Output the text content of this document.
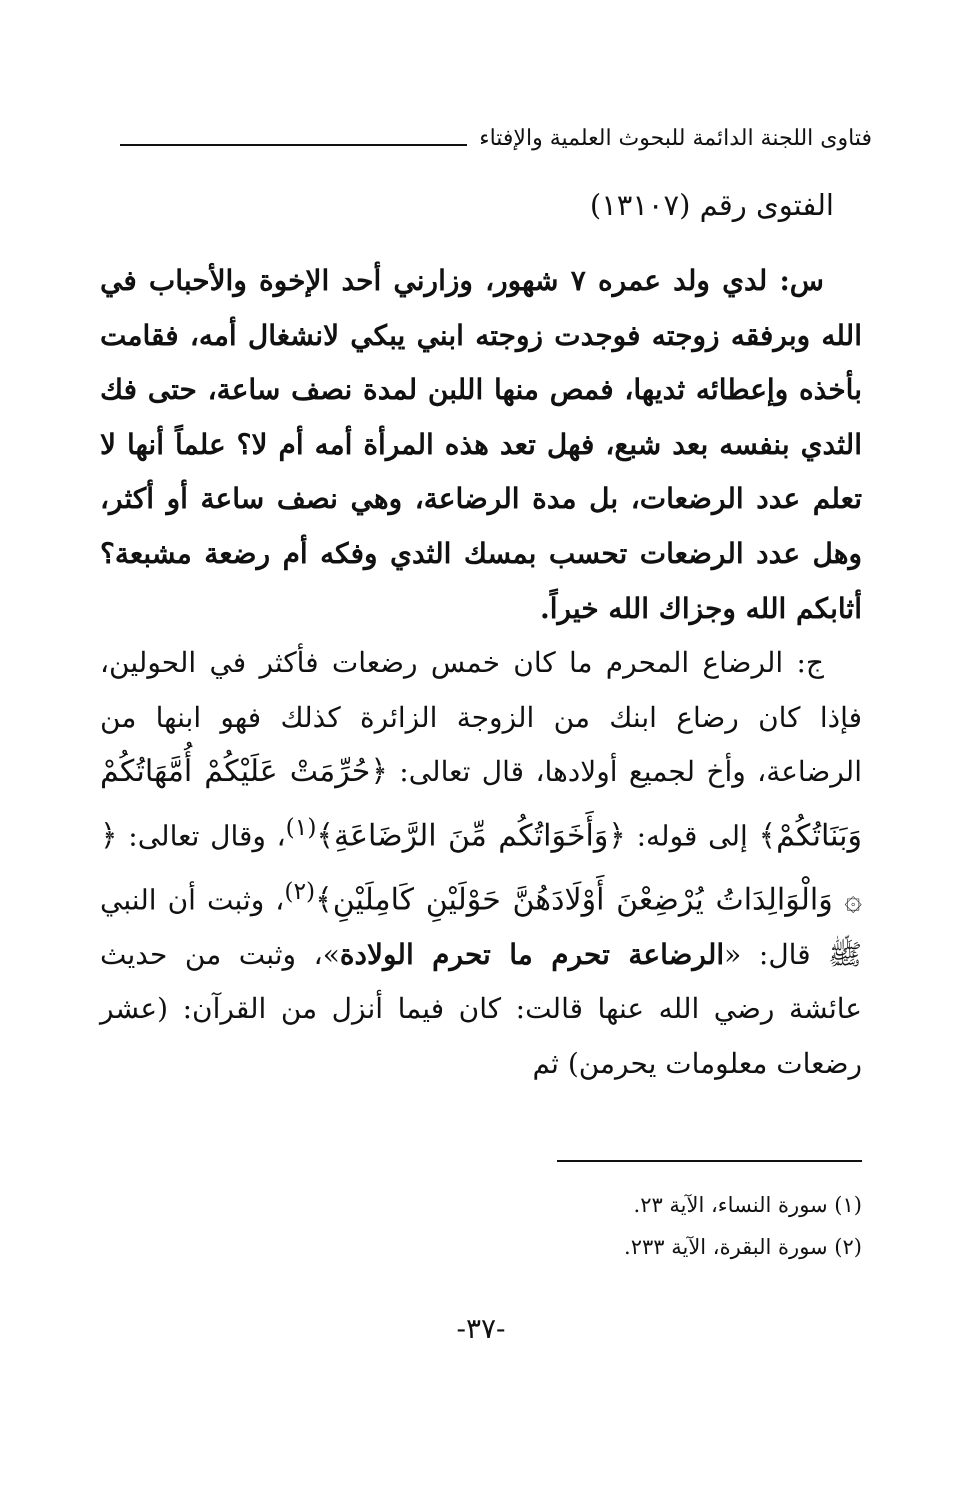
فتاوى اللجنة الدائمة للبحوث العلمية والإفتاء
الفتوى رقم (١٣١٠٧)

س: لدي ولد عمره ٧ شهور، وزارني أحد الإخوة والأحباب في الله وبرفقه زوجته فوجدت زوجته ابني يبكي لانشغال أمه، فقامت بأخذه وإعطائه ثديها، فمص منها اللبن لمدة نصف ساعة، حتى فك الثدي بنفسه بعد شبع، فهل تعد هذه المرأة أمه أم لا؟ علماً أنها لا تعلم عدد الرضعات، بل مدة الرضاعة، وهي نصف ساعة أو أكثر، وهل عدد الرضعات تحسب بمسك الثدي وفكه أم رضعة مشبعة؟ أثابكم الله وجزاك الله خيراً.

ج: الرضاع المحرم ما كان خمس رضعات فأكثر في الحولين، فإذا كان رضاع ابنك من الزوجة الزائرة كذلك فهو ابنها من الرضاعة، وأخ لجميع أولادها، قال تعالى: ﴿حُرِّمَتْ عَلَيْكُمْ أُمَّهَاتُكُمْ وَبَنَاتُكُمْ﴾ إلى قوله: ﴿وَأَخَوَاتُكُم مِّنَ الرَّضَاعَةِ﴾$^{(١)}$، وقال تعالى: ﴿ ۞ وَالْوَالِدَاتُ يُرْضِعْنَ أَوْلَادَهُنَّ حَوْلَيْنِ كَامِلَيْنِ﴾$^{(٢)}$، وثبت أن النبي ﷺ قال: «الرضاعة تحرم ما تحرم الولادة»، وثبت من حديث عائشة رضي الله عنها قالت: كان فيما أنزل من القرآن: (عشر رضعات معلومات يحرمن) ثم

(١) سورة النساء، الآية ٢٣.
(٢) سورة البقرة، الآية ٢٣٣.
-٣٧-
